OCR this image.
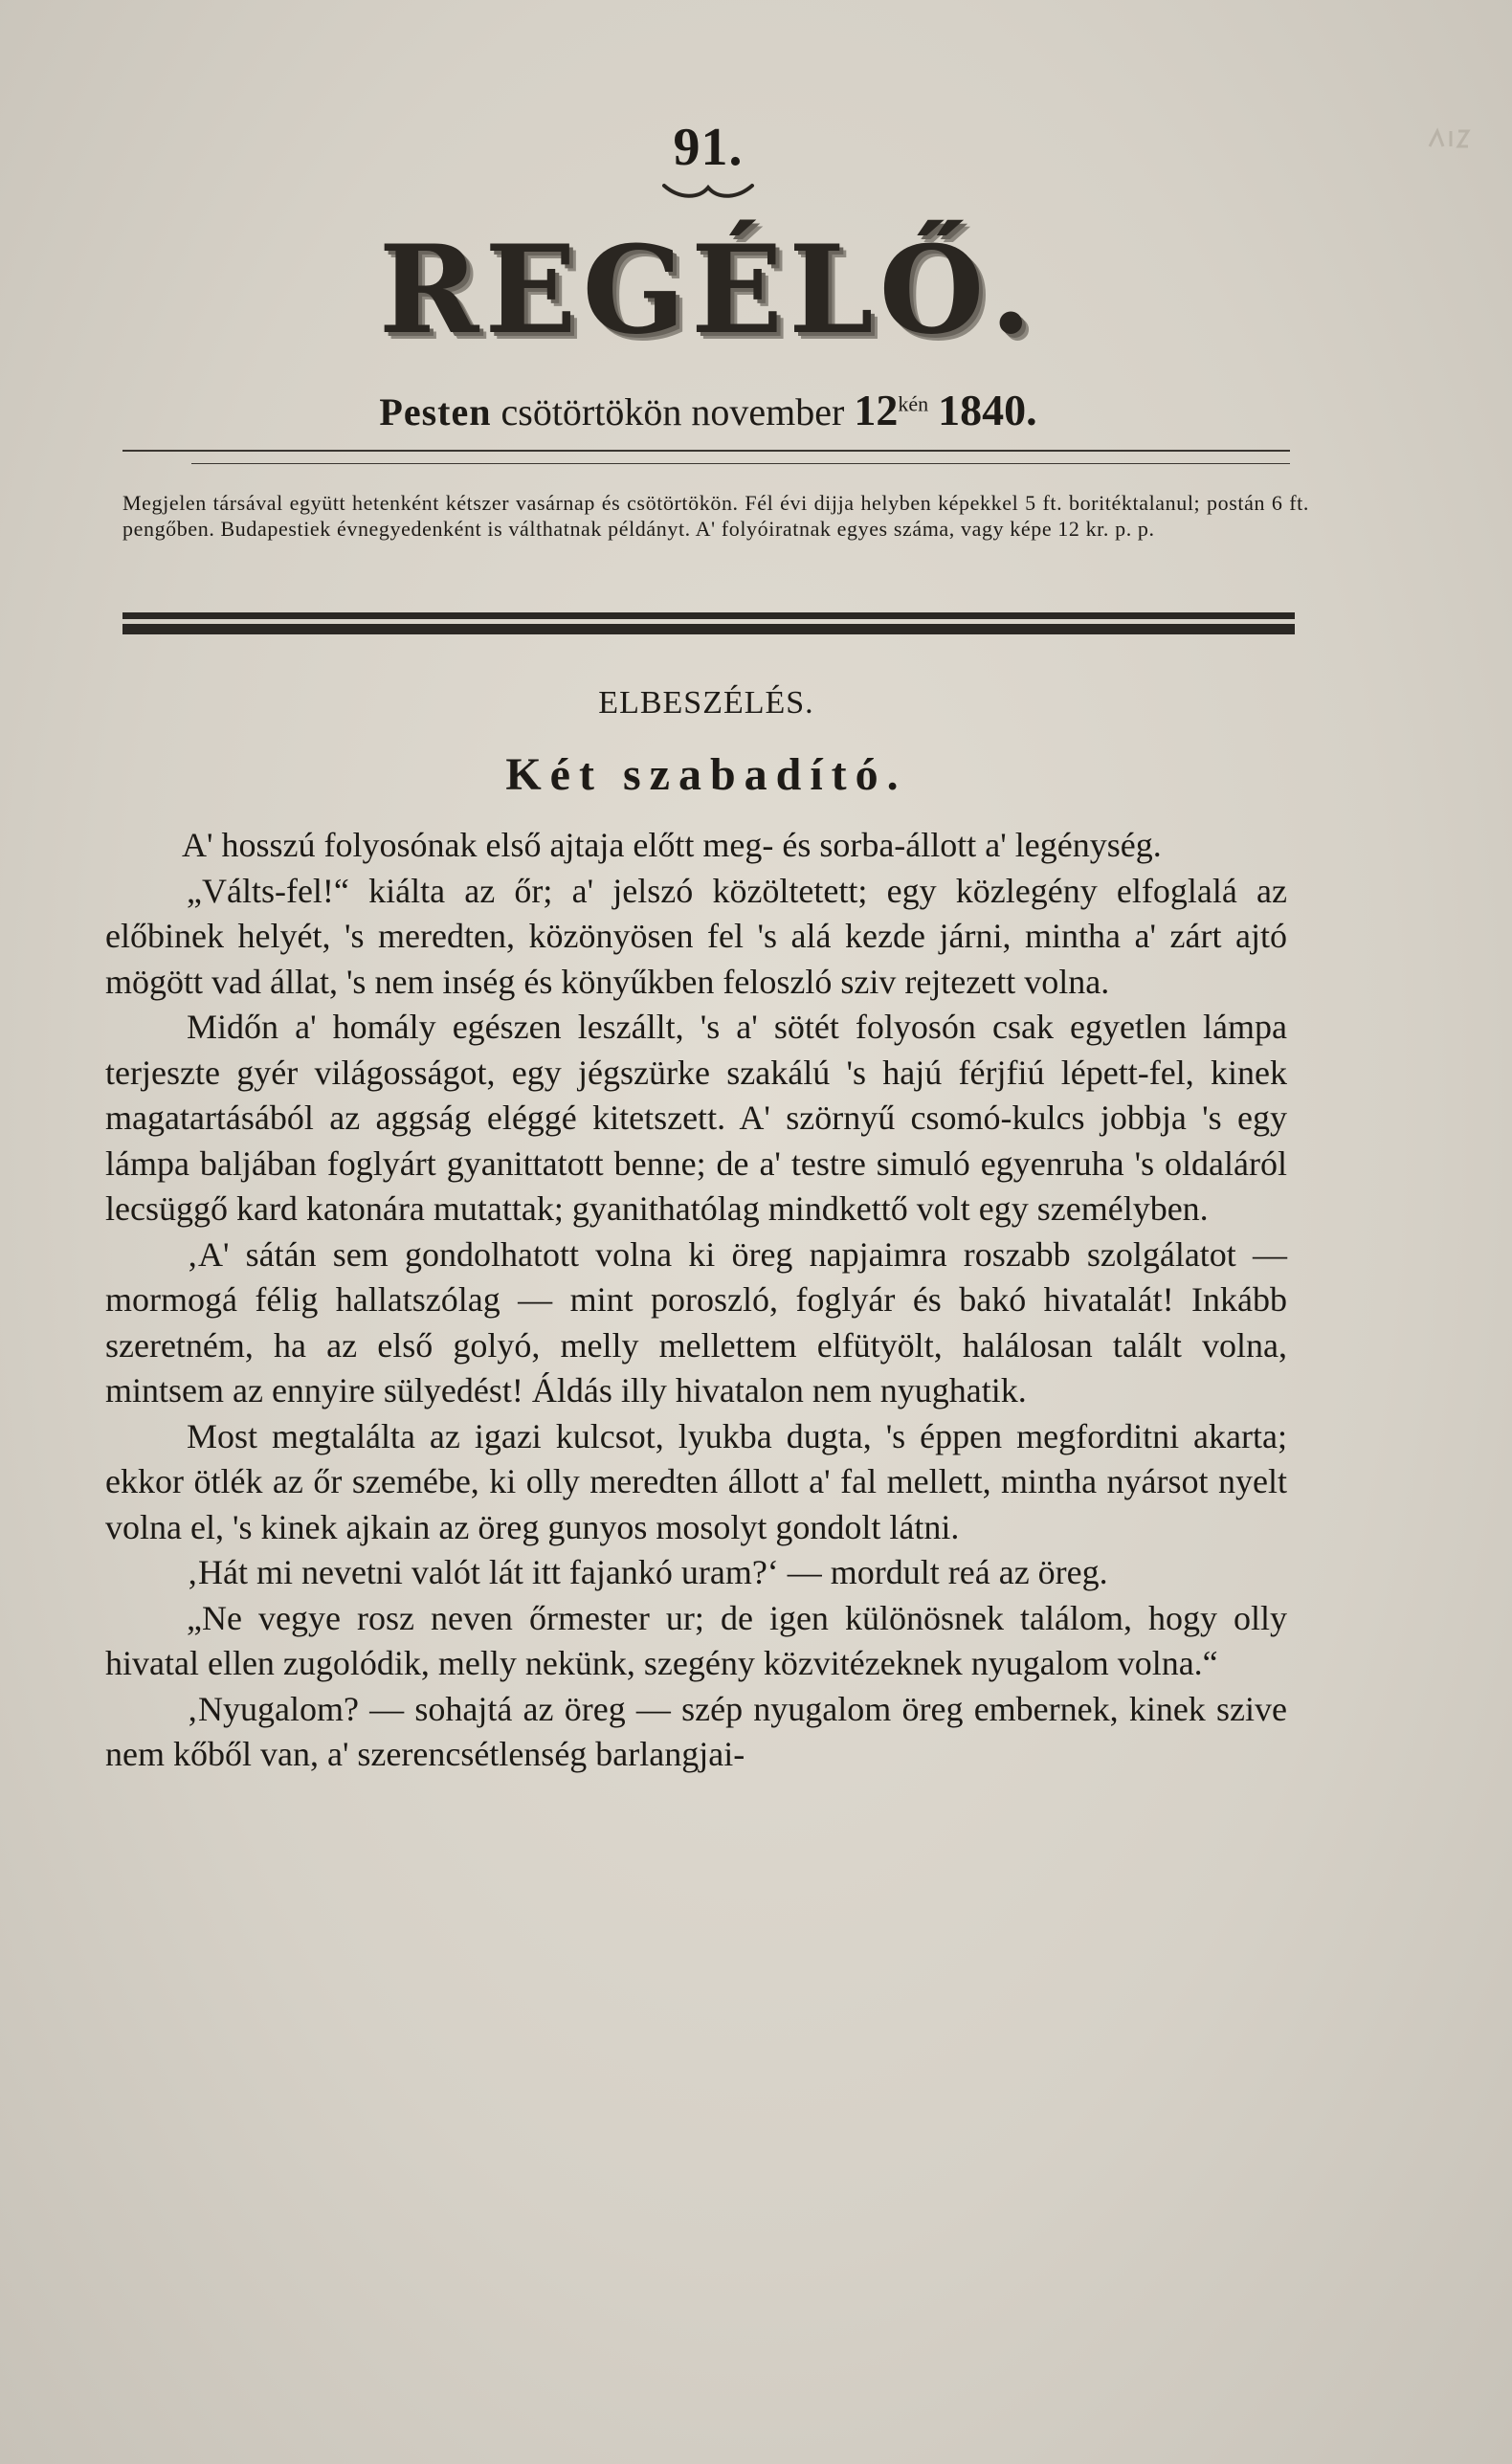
91.
REGÉLŐ.
Pesten csötörtökön november $12^{kén}$ 1840.
Megjelen társával együtt hetenként kétszer vasárnap és csötörtökön. Fél évi dijja helyben képekkel 5 ft. boritéktalanul; postán 6 ft. pengőben. Budapestiek évnegyedenként is válthatnak példányt. A' folyóiratnak egyes száma, vagy képe 12 kr. p. p.
ELBESZÉLÉS.
Két szabadító.

A' hosszú folyosónak első ajtaja előtt meg- és sorba-állott a' legénység.

„Válts-fel!“ kiálta az őr; a' jelszó közöltetett; egy közlegény elfoglalá az előbinek helyét, 's meredten, közönyösen fel 's alá kezde járni, mintha a' zárt ajtó mögött vad állat, 's nem inség és könyűkben feloszló sziv rejtezett volna.

Midőn a' homály egészen leszállt, 's a' sötét folyosón csak egyetlen lámpa terjeszte gyér világosságot, egy jégszürke szakálú 's hajú férjfiú lépett-fel, kinek magatartásából az aggság eléggé kitetszett. A' szörnyű csomó-kulcs jobbja 's egy lámpa baljában foglyárt gyanittatott benne; de a' testre simuló egyenruha 's oldaláról lecsüggő kard katonára mutattak; gyanithatólag mindkettő volt egy személyben.

‚A' sátán sem gondolhatott volna ki öreg napjaimra roszabb szolgálatot — mormogá félig hallatszólag — mint poroszló, foglyár és bakó hivatalát! Inkább szeretném, ha az első golyó, melly mellettem elfütyölt, halálosan talált volna, mintsem az ennyire sülyedést! Áldás illy hivatalon nem nyughatik.

Most megtalálta az igazi kulcsot, lyukba dugta, 's éppen megforditni akarta; ekkor ötlék az őr szemébe, ki olly meredten állott a' fal mellett, mintha nyársot nyelt volna el, 's kinek ajkain az öreg gunyos mosolyt gondolt látni.

‚Hát mi nevetni valót lát itt fajankó uram?‘ — mordult reá az öreg.

„Ne vegye rosz neven őrmester ur; de igen különösnek találom, hogy olly hivatal ellen zugolódik, melly nekünk, szegény közvitézeknek nyugalom volna.“

‚Nyugalom? — sohajtá az öreg — szép nyugalom öreg embernek, kinek szive nem kőből van, a' szerencsétlenség barlangjai-
